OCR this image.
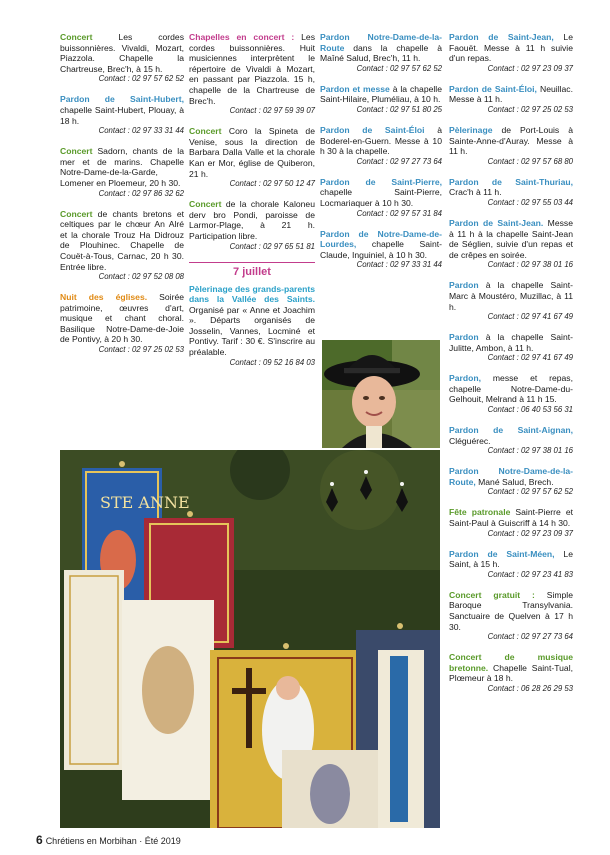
Concert Les cordes buissonnières. Vivaldi, Mozart, Piazzola. Chapelle la Chartreuse, Brec'h, à 15 h.
Contact : 02 97 57 62 52
Pardon de Saint-Hubert, chapelle Saint-Hubert, Plouay, à 18 h.
Contact : 02 97 33 31 44
Concert Sadorn, chants de la mer et de marins. Chapelle Notre-Dame-de-la-Garde, Lomener en Ploemeur, 20 h 30.
Contact : 02 97 86 32 62
Concert de chants bretons et celtiques par le chœur An Alré et la chorale Trouz Ha Didrouz de Plouhinec. Chapelle de Couët-à-Tous, Carnac, 20 h 30. Entrée libre.
Contact : 02 97 52 08 08
Nuit des églises. Soirée patrimoine, œuvres d'art, musique et chant choral. Basilique Notre-Dame-de-Joie de Pontivy, à 20 h 30.
Contact : 02 97 25 02 53
Chapelles en concert : Les cordes buissonnières. Huit musiciennes interprètent le répertoire de Vivaldi à Mozart, en passant par Piazzola. 15 h, chapelle de la Chartreuse de Brec'h.
Contact : 02 97 59 39 07
Concert Coro la Spineta de Venise, sous la direction de Barbara Dalla Valle et la chorale Kan er Mor, église de Quiberon, 21 h.
Contact : 02 97 50 12 47
Concert de la chorale Kaloneu derv bro Pondi, paroisse de Larmor-Plage, à 21 h. Participation libre.
Contact : 02 97 65 51 81
7 juillet
Pèlerinage des grands-parents dans la Vallée des Saints. Organisé par « Anne et Joachim ». Départs organisés de Josselin, Vannes, Locminé et Pontivy. Tarif : 30 €. S'inscrire au préalable.
Contact : 09 52 16 84 03
Pardon Notre-Dame-de-la-Route dans la chapelle à Maîné Salud, Brec'h, 11 h.
Contact : 02 97 57 62 52
Pardon et messe à la chapelle Saint-Hilaire, Pluméliau, à 10 h.
Contact : 02 97 51 80 25
Pardon de Saint-Éloi à Boderel-en-Guern. Messe à 10 h 30 à la chapelle.
Contact : 02 97 27 73 64
Pardon de Saint-Pierre, chapelle Saint-Pierre, Locmariaquer à 10 h 30.
Contact : 02 97 57 31 84
Pardon de Notre-Dame-de-Lourdes, chapelle Saint-Claude, Inguiniel, à 10 h 30.
Contact : 02 97 33 31 44
Pardon de Saint-Jean, Le Faouët. Messe à 11 h suivie d'un repas.
Contact : 02 97 23 09 37
Pardon de Saint-Éloi, Neuillac. Messe à 11 h.
Contact : 02 97 25 02 53
Pèlerinage de Port-Louis à Sainte-Anne-d'Auray. Messe à 11 h.
Contact : 02 97 57 68 80
Pardon de Saint-Thuriau, Crac'h à 11 h.
Contact : 02 97 55 03 44
Pardon de Saint-Jean. Messe à 11 h à la chapelle Saint-Jean de Séglien, suivie d'un repas et de crêpes en soirée.
Contact : 02 97 38 01 16
Pardon à la chapelle Saint-Marc à Moustéro, Muzillac, à 11 h.
Contact : 02 97 41 67 49
Pardon à la chapelle Saint-Julitte, Ambon, à 11 h.
Contact : 02 97 41 67 49
Pardon, messe et repas, chapelle Notre-Dame-du-Gelhouit, Melrand à 11 h 15.
Contact : 06 40 53 56 31
Pardon de Saint-Aignan, Cléguérec.
Contact : 02 97 38 01 16
Pardon Notre-Dame-de-la-Route, Mané Salud, Brech.
Contact : 02 97 57 62 52
Fête patronale Saint-Pierre et Saint-Paul à Guiscriff à 14 h 30.
Contact : 02 97 23 09 37
Pardon de Saint-Méen, Le Saint, à 15 h.
Contact : 02 97 23 41 83
Concert gratuit : Simple Baroque Transylvania. Sanctuaire de Quelven à 17 h 30.
Contact : 02 97 27 73 64
Concert de musique bretonne. Chapelle Saint-Tual, Plœmeur à 18 h.
Contact : 06 28 26 29 53
STE ANNE
6 Chrétiens en Morbihan · Été 2019
